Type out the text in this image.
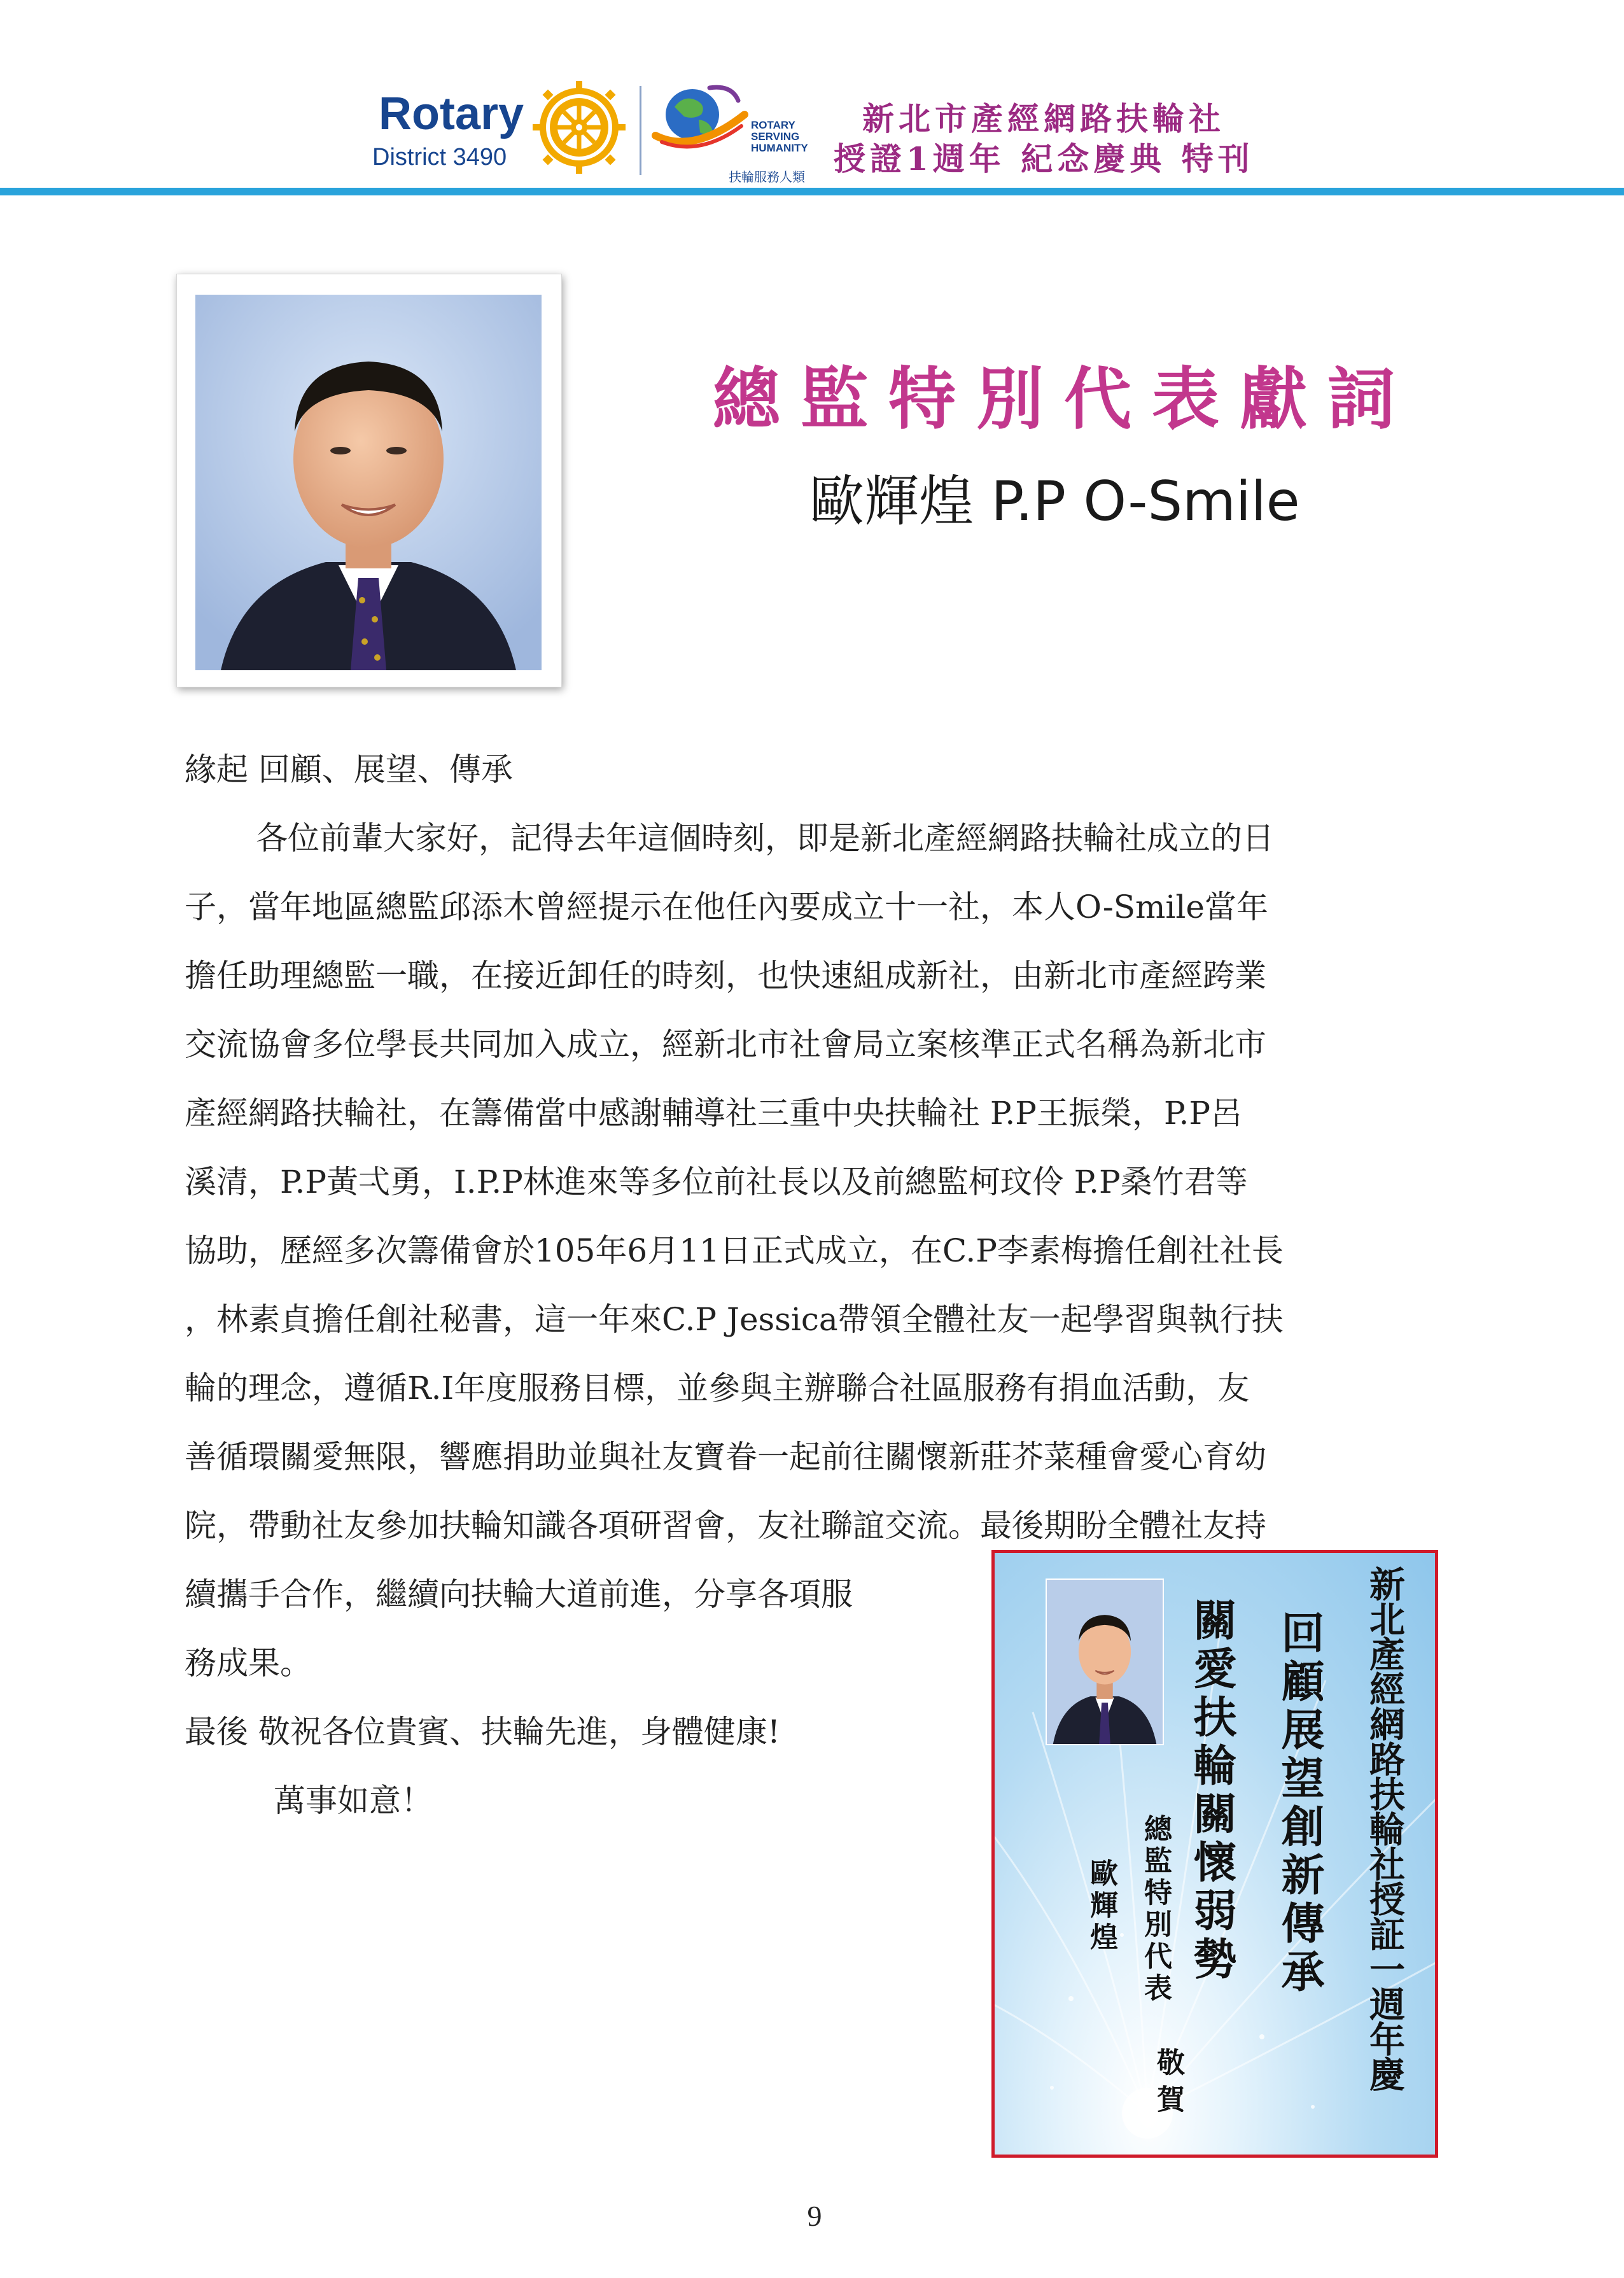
Rotary
District 3490
ROTARY SERVING HUMANITY
扶輪服務人類
新北市產經網路扶輪社
授證1週年 紀念慶典 特刊
總監特別代表獻詞
歐輝煌 P.P O-Smile
緣起 回顧、展望、傳承
各位前輩大家好，記得去年這個時刻，即是新北產經網路扶輪社成立的日
子，當年地區總監邱添木曾經提示在他任內要成立十一社，本人O-Smile當年
擔任助理總監一職，在接近卸任的時刻，也快速組成新社，由新北市產經跨業
交流協會多位學長共同加入成立，經新北市社會局立案核準正式名稱為新北市
產經網路扶輪社，在籌備當中感謝輔導社三重中央扶輪社 P.P王振榮，P.P呂
溪清，P.P黃弌勇，I.P.P林進來等多位前社長以及前總監柯玟伶 P.P桑竹君等
協助，歷經多次籌備會於105年6月11日正式成立，在C.P李素梅擔任創社社長
，林素貞擔任創社秘書，這一年來C.P Jessica帶領全體社友一起學習與執行扶
輪的理念，遵循R.I年度服務目標，並參與主辦聯合社區服務有捐血活動，友
善循環關愛無限，響應捐助並與社友寶眷一起前往關懷新莊芥菜種會愛心育幼
院，帶動社友參加扶輪知識各項研習會，友社聯誼交流。最後期盼全體社友持
續攜手合作，繼續向扶輪大道前進，分享各項服
務成果。
最後 敬祝各位貴賓、扶輪先進，身體健康!
萬事如意！	新北產經網路扶輪社授証一週年慶
回顧展望創新傳承
關愛扶輪關懷弱勢
總監特別代表
歐輝煌
敬賀
9
